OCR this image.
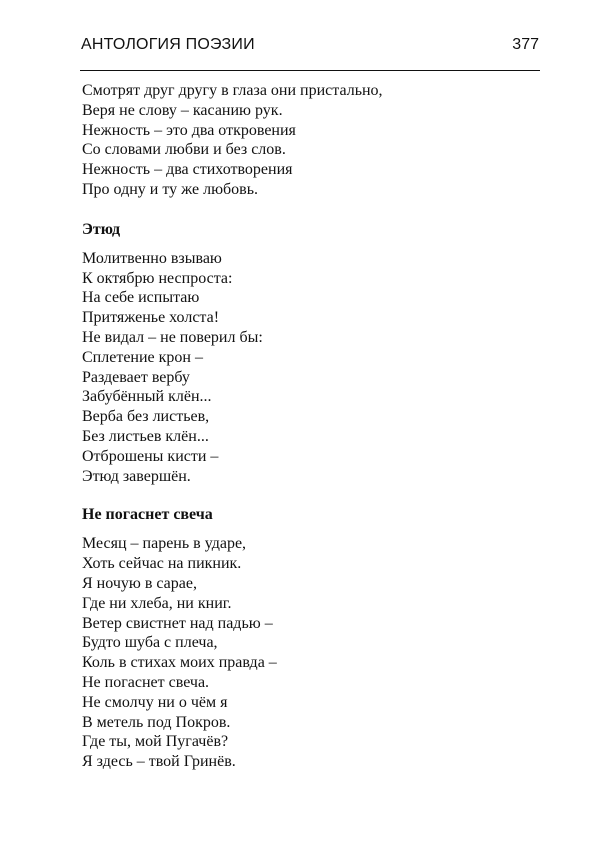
АНТОЛОГИЯ ПОЭЗИИ	377
Смотрят друг другу в глаза они пристально,
Веря не слову – касанию рук.
Нежность – это два откровения
Со словами любви и без слов.
Нежность – два стихотворения
Про одну и ту же любовь.
Этюд
Молитвенно взываю
К октябрю неспроста:
На себе испытаю
Притяженье холста!
Не видал – не поверил бы:
Сплетение крон –
Раздевает вербу
Забубённый клён...
Верба без листьев,
Без листьев клён...
Отброшены кисти –
Этюд завершён.
Не погаснет свеча
Месяц – парень в ударе,
Хоть сейчас на пикник.
Я ночую в сарае,
Где ни хлеба, ни книг.
Ветер свистнет над падью –
Будто шуба с плеча,
Коль в стихах моих правда –
Не погаснет свеча.
Не смолчу ни о чём я
В метель под Покров.
Где ты, мой Пугачёв?
Я здесь – твой Гринёв.
